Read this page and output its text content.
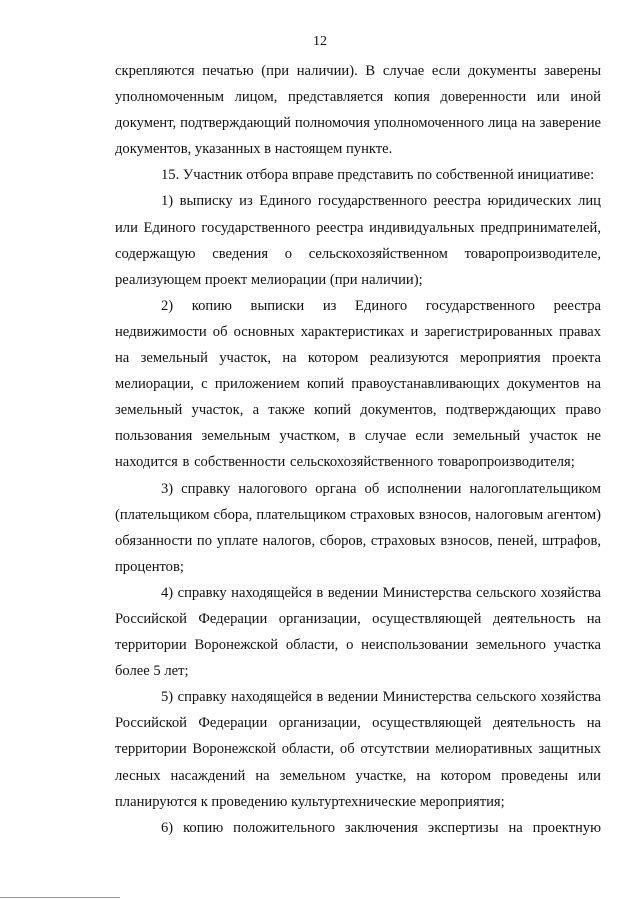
12

скрепляются печатью (при наличии). В случае если документы заверены уполномоченным лицом, представляется копия доверенности или иной документ, подтверждающий полномочия уполномоченного лица на заверение документов, указанных в настоящем пункте.

15. Участник отбора вправе представить по собственной инициативе:

1) выписку из Единого государственного реестра юридических лиц или Единого государственного реестра индивидуальных предпринимателей, содержащую сведения о сельскохозяйственном товаропроизводителе, реализующем проект мелиорации (при наличии);

2) копию выписки из Единого государственного реестра недвижимости об основных характеристиках и зарегистрированных правах на земельный участок, на котором реализуются мероприятия проекта мелиорации, с приложением копий правоустанавливающих документов на земельный участок, а также копий документов, подтверждающих право пользования земельным участком, в случае если земельный участок не находится в собственности сельскохозяйственного товаропроизводителя;

3) справку налогового органа об исполнении налогоплательщиком (плательщиком сбора, плательщиком страховых взносов, налоговым агентом) обязанности по уплате налогов, сборов, страховых взносов, пеней, штрафов, процентов;

4) справку находящейся в ведении Министерства сельского хозяйства Российской Федерации организации, осуществляющей деятельность на территории Воронежской области, о неиспользовании земельного участка более 5 лет;

5) справку находящейся в ведении Министерства сельского хозяйства Российской Федерации организации, осуществляющей деятельность на территории Воронежской области, об отсутствии мелиоративных защитных лесных насаждений на земельном участке, на котором проведены или планируются к проведению культуртехнические мероприятия;

6) копию положительного заключения экспертизы на проектную
